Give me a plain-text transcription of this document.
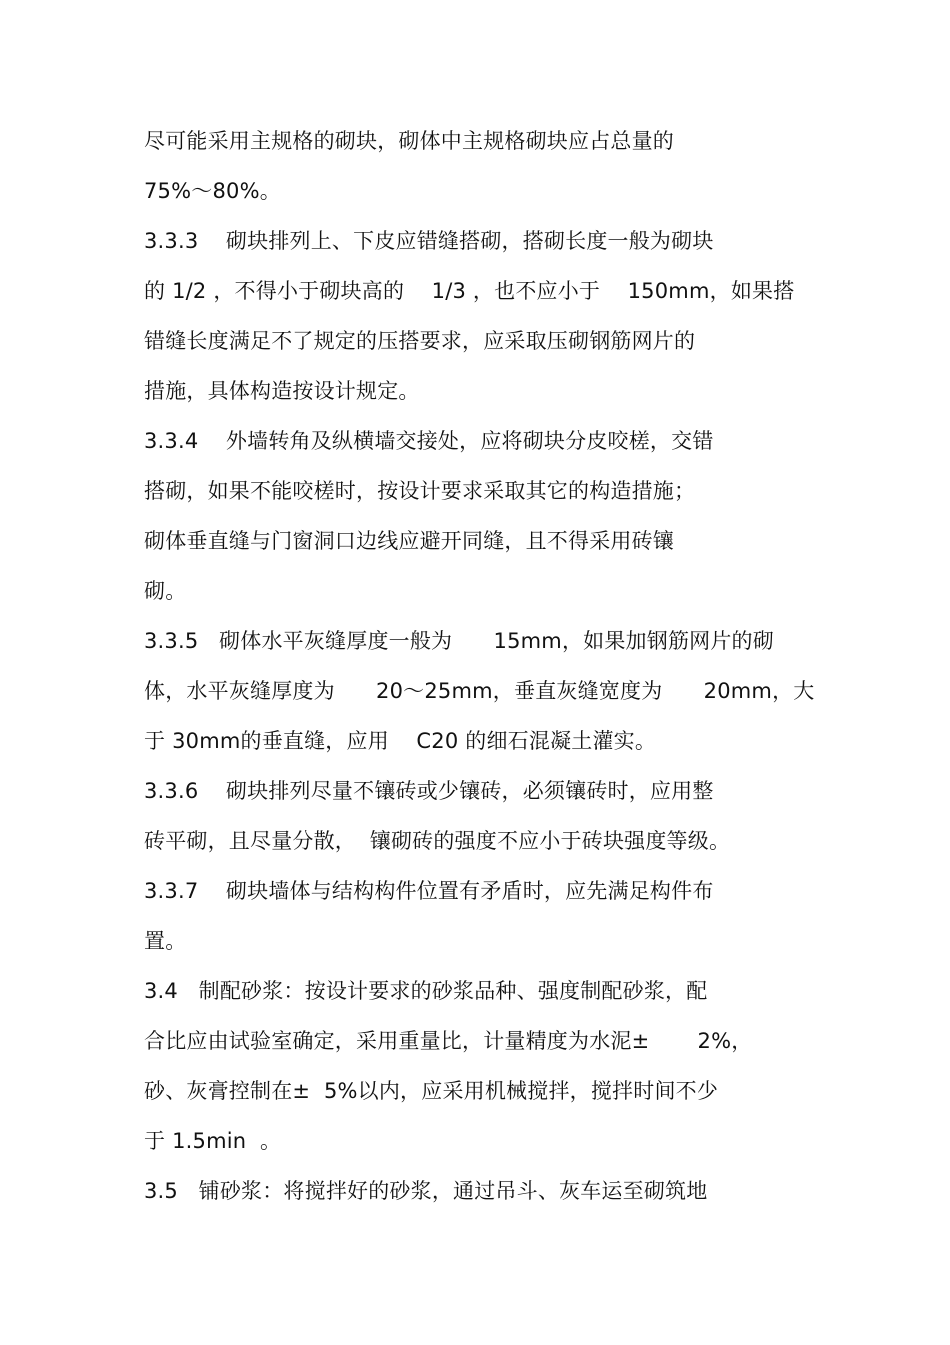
尽可能采用主规格的砌块，砌体中主规格砌块应占总量的
75%～80%。
3.3.3    砌块排列上、下皮应错缝搭砌，搭砌长度一般为砌块
的 1/2 ，不得小于砌块高的    1/3 ，也不应小于    150mm，如果搭
错缝长度满足不了规定的压搭要求，应采取压砌钢筋网片的
措施，具体构造按设计规定。
3.3.4    外墙转角及纵横墙交接处，应将砌块分皮咬槎，交错
搭砌，如果不能咬槎时，按设计要求采取其它的构造措施；
砌体垂直缝与门窗洞口边线应避开同缝，且不得采用砖镶
砌。
3.3.5   砌体水平灰缝厚度一般为      15mm，如果加钢筋网片的砌
体，水平灰缝厚度为      20～25mm，垂直灰缝宽度为      20mm，大
于 30mm的垂直缝，应用    C20 的细石混凝土灌实。
3.3.6    砌块排列尽量不镶砖或少镶砖，必须镶砖时，应用整
砖平砌，且尽量分散，  镶砌砖的强度不应小于砖块强度等级。
3.3.7    砌块墙体与结构构件位置有矛盾时，应先满足构件布
置。
3.4   制配砂浆：按设计要求的砂浆品种、强度制配砂浆，配
合比应由试验室确定，采用重量比，计量精度为水泥±       2%，
砂、灰膏控制在±  5%以内，应采用机械搅拌，搅拌时间不少
于 1.5min  。
3.5   铺砂浆：将搅拌好的砂浆，通过吊斗、灰车运至砌筑地
